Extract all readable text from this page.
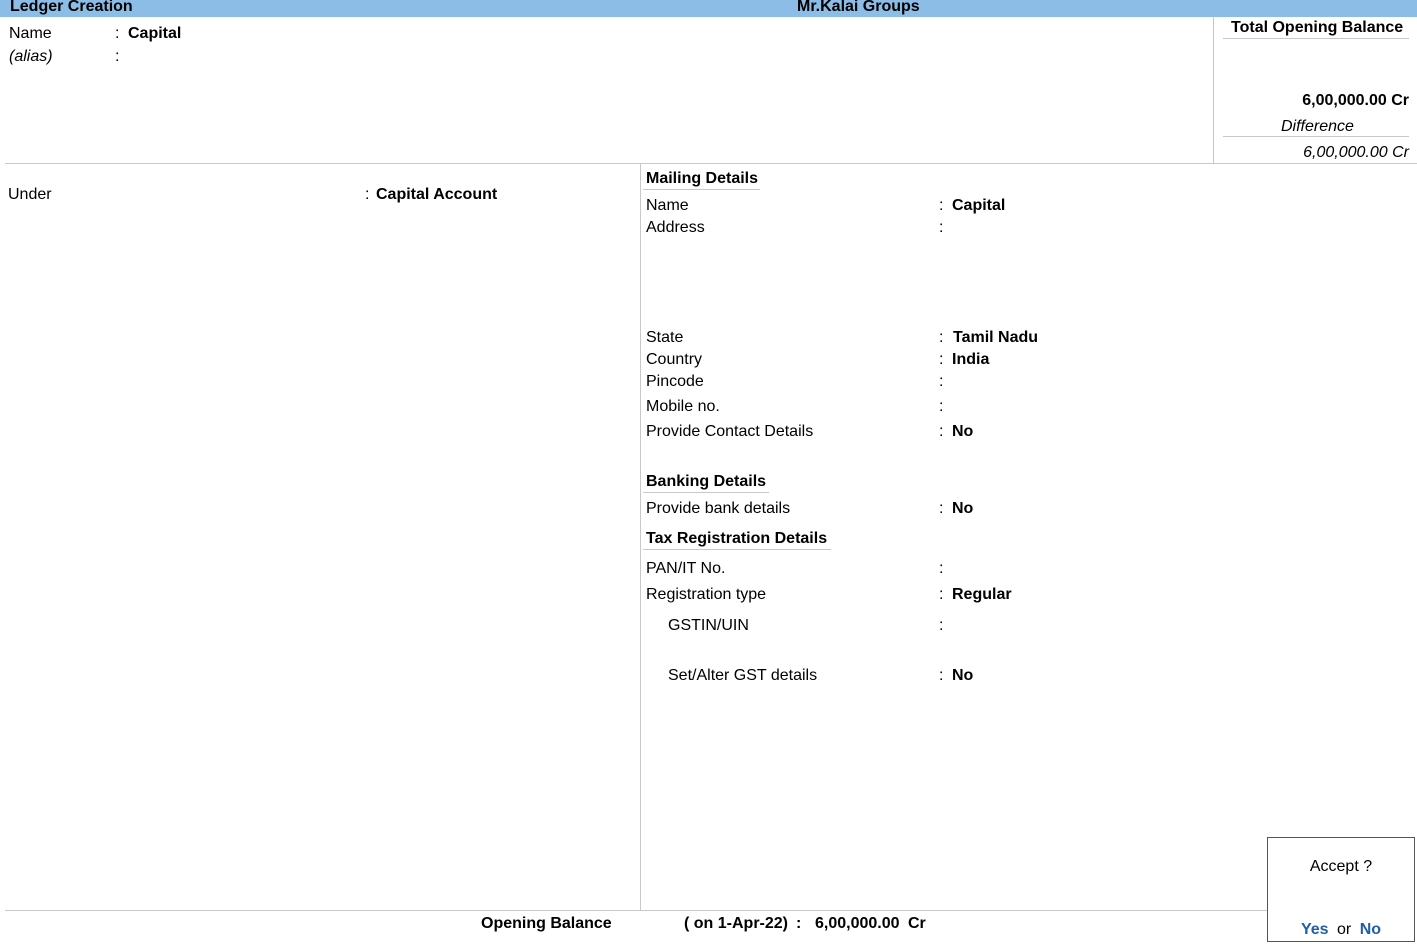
Ledger Creation	Mr.Kalai Groups
Name	: Capital
(alias)	:
Total Opening Balance
6,00,000.00 Cr
Difference
6,00,000.00 Cr
Under	: Capital Account
Mailing Details
Name	: Capital
Address	:
State	: Tamil Nadu
Country	: India
Pincode	:
Mobile no.	:
Provide Contact Details	: No
Banking Details
Provide bank details	: No
Tax Registration Details
PAN/IT No.	:
Registration type	: Regular
GSTIN/UIN	:
Set/Alter GST details	: No
Opening Balance	( on 1-Apr-22) : 6,00,000.00 Cr
Accept ?
Yes or No
